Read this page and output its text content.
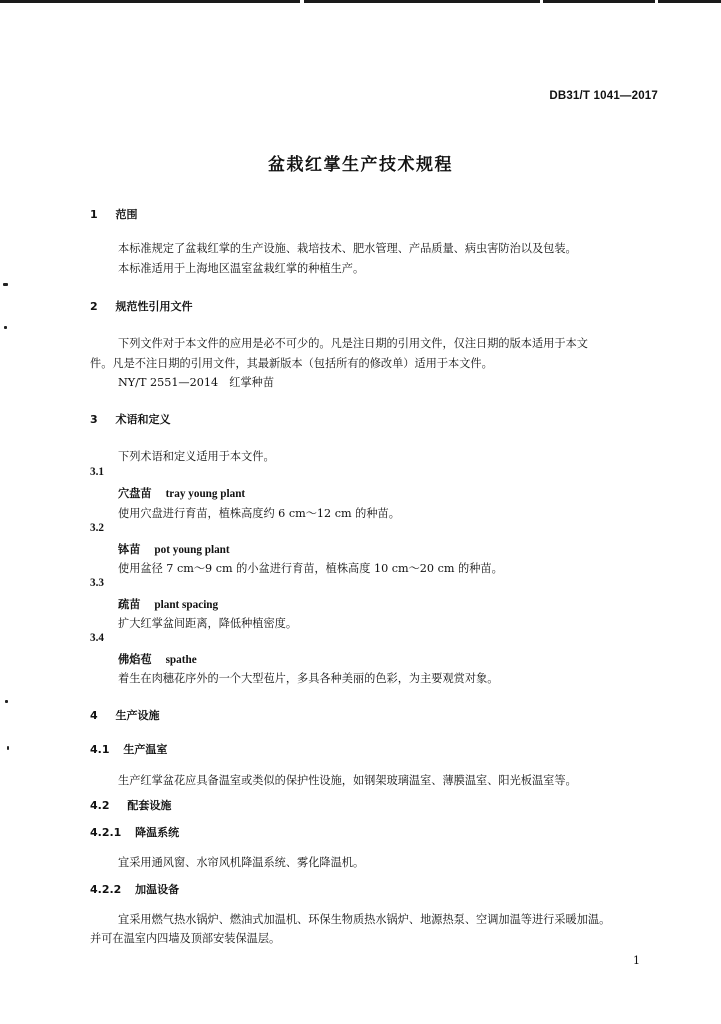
DB31/T 1041—2017
盆栽红掌生产技术规程
1 范围
本标准规定了盆栽红掌的生产设施、栽培技术、肥水管理、产品质量、病虫害防治以及包装。
本标准适用于上海地区温室盆栽红掌的种植生产。
2 规范性引用文件
下列文件对于本文件的应用是必不可少的。凡是注日期的引用文件，仅注日期的版本适用于本文
件。凡是不注日期的引用文件，其最新版本（包括所有的修改单）适用于本文件。
NY/T 2551—2014　红掌种苗
3 术语和定义
下列术语和定义适用于本文件。
3.1
穴盘苗 tray young plant
使用穴盘进行育苗，植株高度约 6 cm～12 cm 的种苗。
3.2
钵苗 pot young plant
使用盆径 7 cm～9 cm 的小盆进行育苗，植株高度 10 cm～20 cm 的种苗。
3.3
疏苗 plant spacing
扩大红掌盆间距离，降低种植密度。
3.4
佛焰苞 spathe
着生在肉穗花序外的一个大型苞片，多具各种美丽的色彩，为主要观赏对象。
4 生产设施
4.1 生产温室
生产红掌盆花应具备温室或类似的保护性设施，如钢架玻璃温室、薄膜温室、阳光板温室等。
4.2 配套设施
4.2.1 降温系统
宜采用通风窗、水帘风机降温系统、雾化降温机。
4.2.2 加温设备
宜采用燃气热水锅炉、燃油式加温机、环保生物质热水锅炉、地源热泵、空调加温等进行采暖加温。
并可在温室内四墙及顶部安装保温层。
1
